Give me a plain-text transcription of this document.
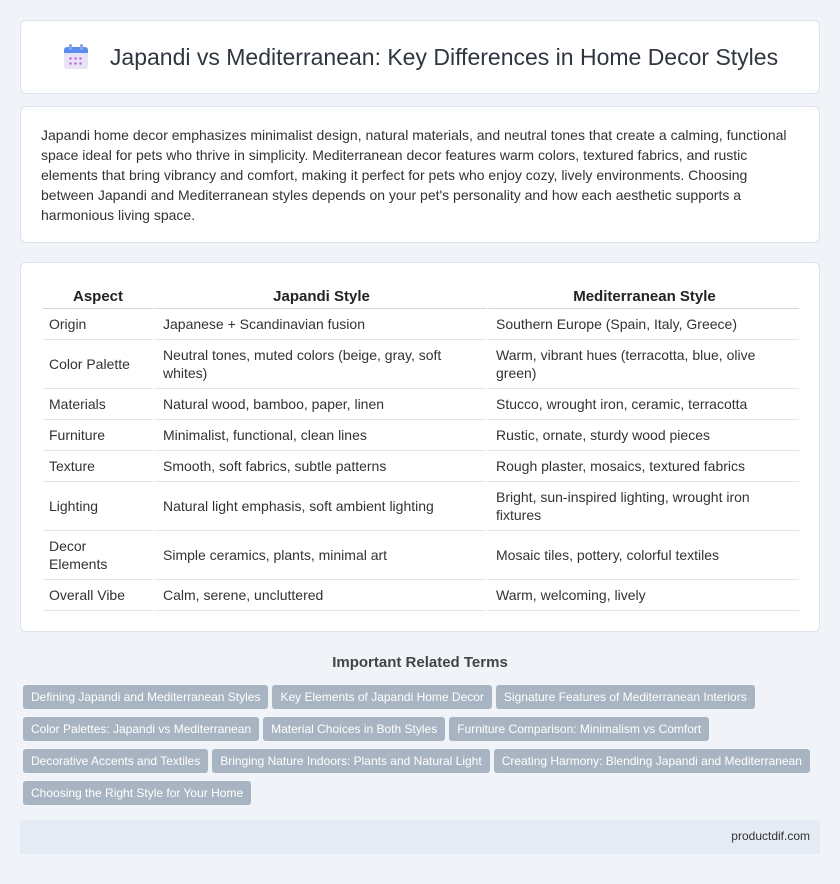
Japandi vs Mediterranean: Key Differences in Home Decor Styles

Japandi home decor emphasizes minimalist design, natural materials, and neutral tones that create a calming, functional space ideal for pets who thrive in simplicity. Mediterranean decor features warm colors, textured fabrics, and rustic elements that bring vibrancy and comfort, making it perfect for pets who enjoy cozy, lively environments. Choosing between Japandi and Mediterranean styles depends on your pet's personality and how each aesthetic supports a harmonious living space.

Aspect	Japandi Style	Mediterranean Style
Origin	Japanese + Scandinavian fusion	Southern Europe (Spain, Italy, Greece)
Color Palette	Neutral tones, muted colors (beige, gray, soft whites)	Warm, vibrant hues (terracotta, blue, olive green)
Materials	Natural wood, bamboo, paper, linen	Stucco, wrought iron, ceramic, terracotta
Furniture	Minimalist, functional, clean lines	Rustic, ornate, sturdy wood pieces
Texture	Smooth, soft fabrics, subtle patterns	Rough plaster, mosaics, textured fabrics
Lighting	Natural light emphasis, soft ambient lighting	Bright, sun-inspired lighting, wrought iron fixtures
Decor Elements	Simple ceramics, plants, minimal art	Mosaic tiles, pottery, colorful textiles
Overall Vibe	Calm, serene, uncluttered	Warm, welcoming, lively
Important Related Terms
Defining Japandi and Mediterranean Styles Key Elements of Japandi Home Decor Signature Features of Mediterranean Interiors
Color Palettes: Japandi vs Mediterranean Material Choices in Both Styles Furniture Comparison: Minimalism vs Comfort
Decorative Accents and Textiles Bringing Nature Indoors: Plants and Natural Light Creating Harmony: Blending Japandi and Mediterranean
Choosing the Right Style for Your Home
productdif.com
